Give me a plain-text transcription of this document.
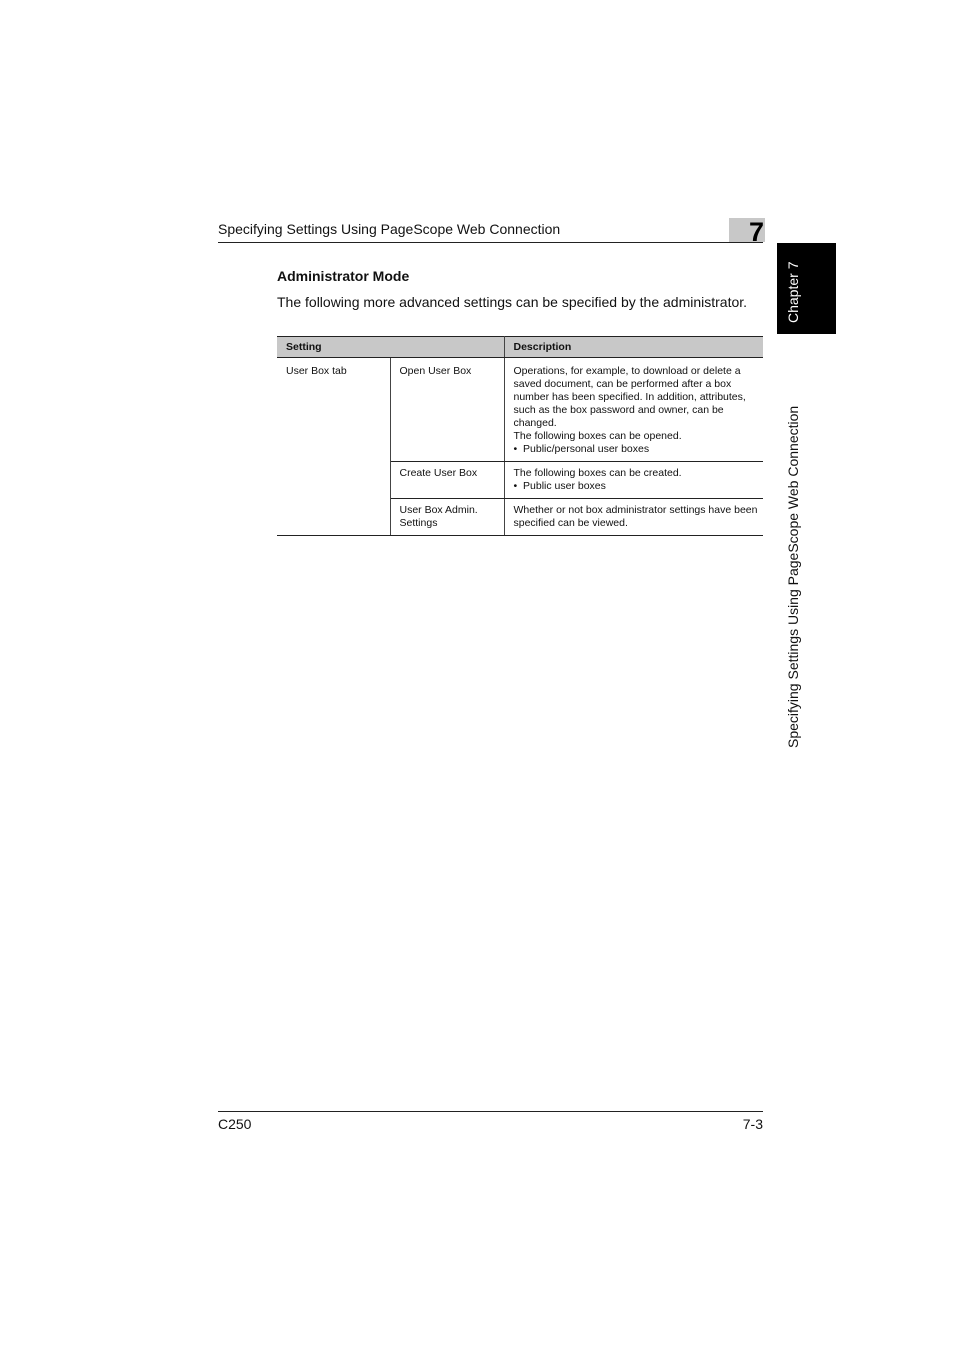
Specifying Settings Using PageScope Web Connection	7
Chapter 7
Specifying Settings Using PageScope Web Connection
Administrator Mode
The following more advanced settings can be specified by the administrator.
Setting		Description
User Box tab	Open User Box	Operations, for example, to download or delete a saved document, can be performed after a box number has been specified. In addition, attributes, such as the box password and owner, can be changed.
The following boxes can be opened.
•  Public/personal user boxes

	Create User Box	The following boxes can be created.
•  Public user boxes

	User Box Admin. Settings	Whether or not box administrator settings have been specified can be viewed.
C250	7-3
